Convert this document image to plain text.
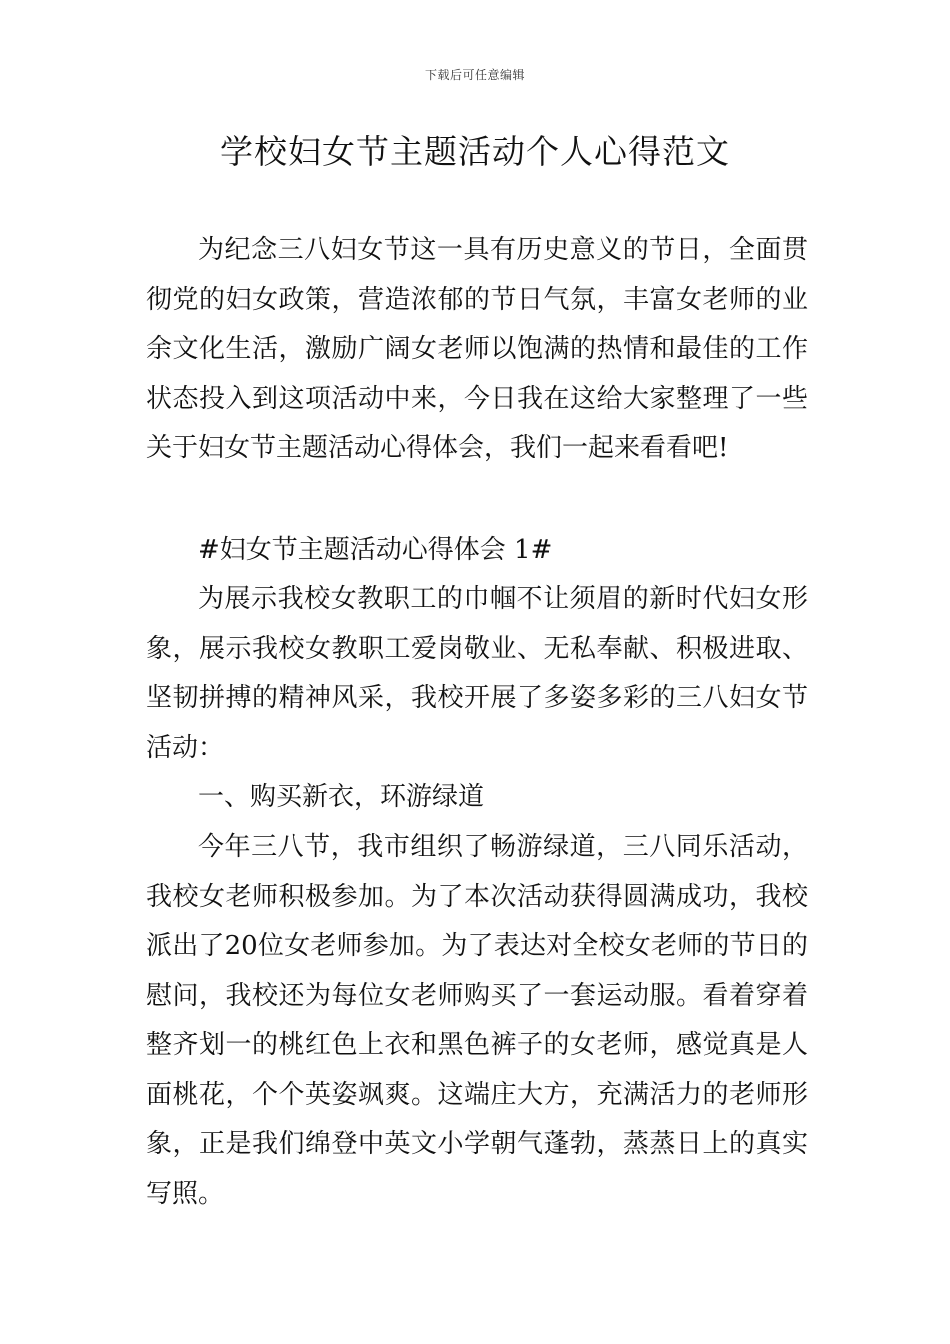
下载后可任意编辑
学校妇女节主题活动个人心得范文

为纪念三八妇女节这一具有历史意义的节日，全面贯彻党的妇女政策，营造浓郁的节日气氛，丰富女老师的业余文化生活，激励广阔女老师以饱满的热情和最佳的工作状态投入到这项活动中来，今日我在这给大家整理了一些关于妇女节主题活动心得体会，我们一起来看看吧!

#妇女节主题活动心得体会 1#

为展示我校女教职工的巾帼不让须眉的新时代妇女形象，展示我校女教职工爱岗敬业、无私奉献、积极进取、坚韧拼搏的精神风采，我校开展了多姿多彩的三八妇女节活动：

一、购买新衣，环游绿道

今年三八节，我市组织了畅游绿道，三八同乐活动，我校女老师积极参加。为了本次活动获得圆满成功，我校派出了20位女老师参加。为了表达对全校女老师的节日的慰问，我校还为每位女老师购买了一套运动服。看着穿着整齐划一的桃红色上衣和黑色裤子的女老师，感觉真是人面桃花，个个英姿飒爽。这端庄大方，充满活力的老师形象，正是我们绵登中英文小学朝气蓬勃，蒸蒸日上的真实写照。
